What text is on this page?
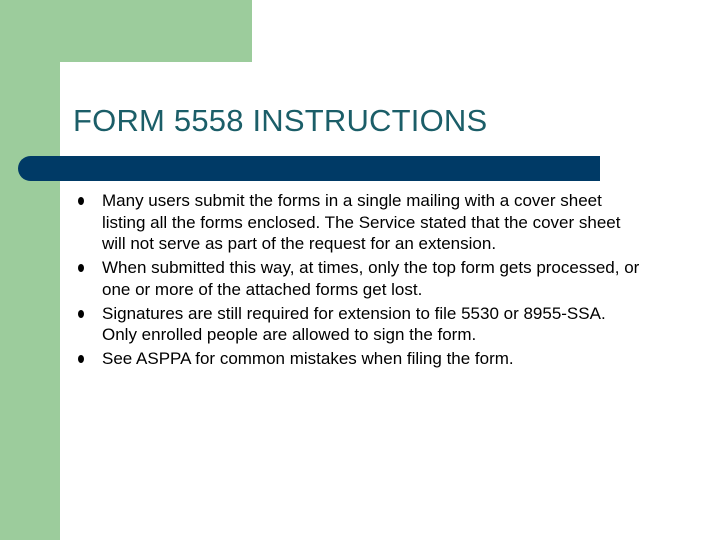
FORM 5558 INSTRUCTIONS
Many users submit the forms in a single mailing with a cover sheet listing all the forms enclosed. The Service stated that the cover sheet will not serve as part of the request for an extension.
When submitted this way, at times, only the top form gets processed, or one or more of the attached forms get lost.
Signatures are still required for extension to file 5530 or 8955-SSA. Only enrolled people are allowed to sign the form.
See ASPPA for common mistakes when filing the form.
